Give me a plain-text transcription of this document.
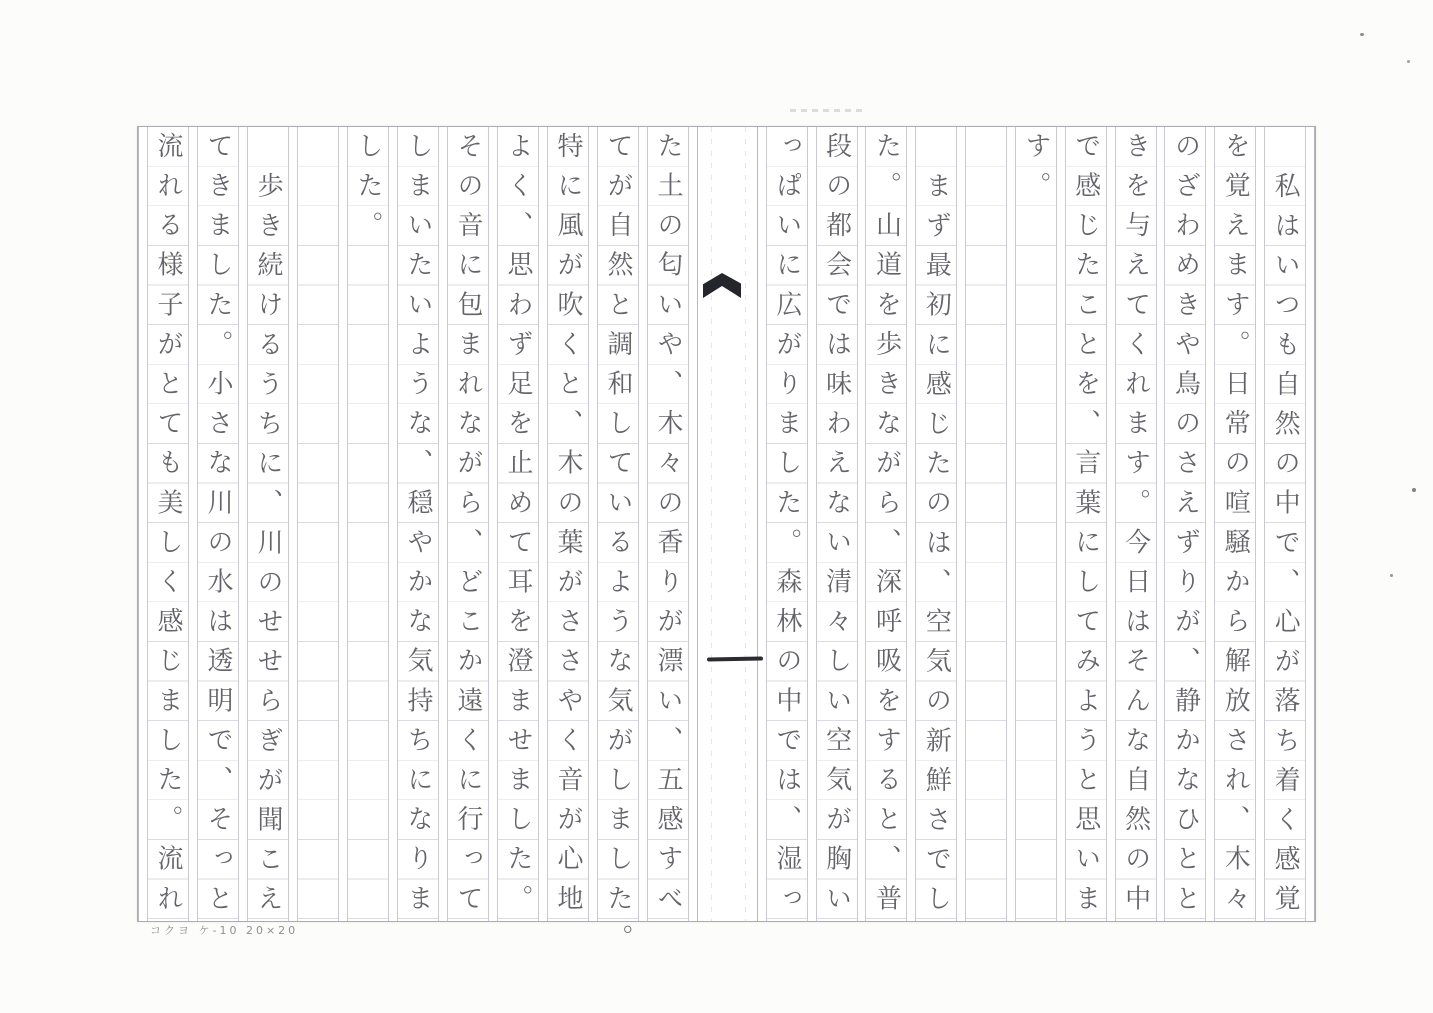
私はいつも自然の中で、心が落ち着く感覚
を覚えます。日常の喧騒から解放され、木々
のざわめきや鳥のさえずりが、静かなひとと
きを与えてくれます。今日はそんな自然の中
で感じたことを、言葉にしてみようと思いま
す。
まず最初に感じたのは、空気の新鮮さでし
た。山道を歩きながら、深呼吸をすると、普
段の都会では味わえない清々しい空気が胸い
っぱいに広がりました。森林の中では、湿っ
た土の匂いや、木々の香りが漂い、五感すべ
てが自然と調和しているような気がしました。
特に風が吹くと、木の葉がささやく音が心地
よく、思わず足を止めて耳を澄ませました。
その音に包まれながら、どこか遠くに行って
しまいたいような、穏やかな気持ちになりま
した。
歩き続けるうちに、川のせせらぎが聞こえ
てきました。小さな川の水は透明で、そっと
流れる様子がとても美しく感じました。流れ
コクヨ ケ-10 20×20
